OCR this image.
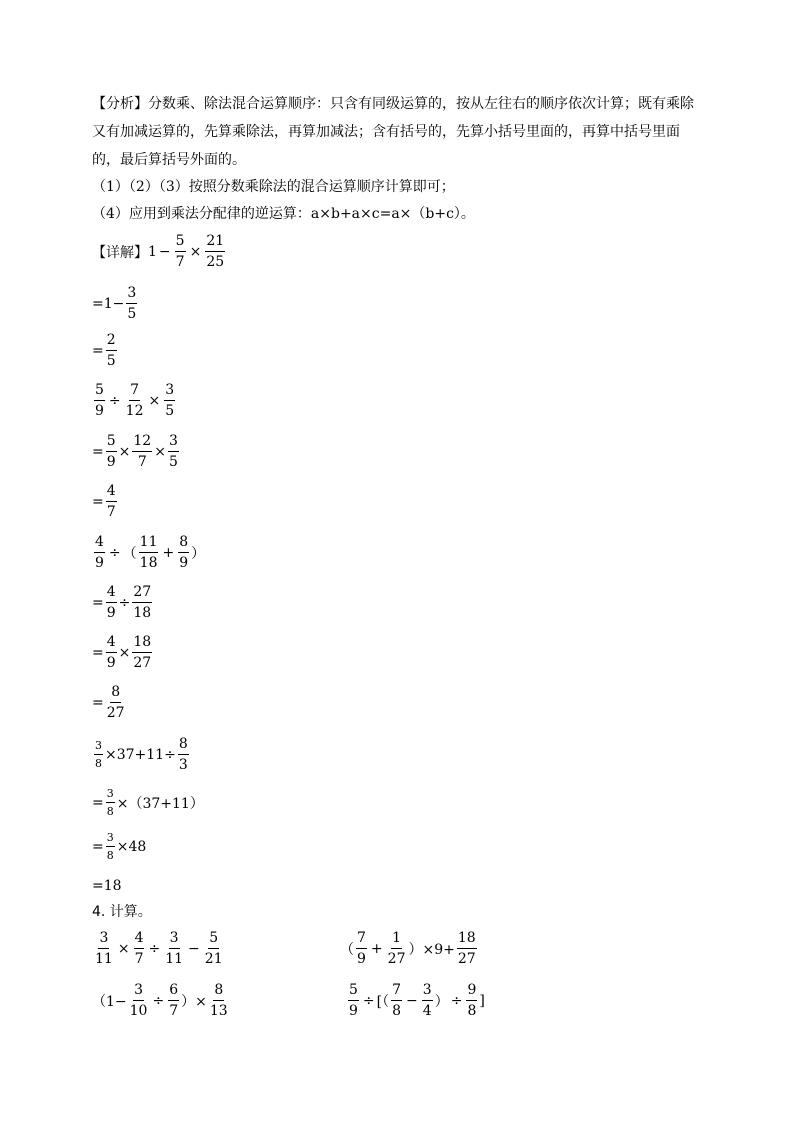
【分析】分数乘、除法混合运算顺序：只含有同级运算的，按从左往右的顺序依次计算；既有乘除
又有加减运算的，先算乘除法，再算加减法；含有括号的，先算小括号里面的，再算中括号里面
的，最后算括号外面的。
（1）（2）（3）按照分数乘除法的混合运算顺序计算即可；
（4）应用到乘法分配律的逆运算：a×b+a×c=a×（b+c）。
【详解】 $1 - \frac{5}{7} \times \frac{21}{25}$
$=1- \frac{3}{5}$
= $\frac{2}{5}$
$\frac{5}{9} \div \frac{7}{12} \times \frac{3}{5}$
= $\frac{5}{9} \times \frac{12}{7} \times \frac{3}{5}$
= $\frac{4}{7}$
$\frac{4}{9}$ ÷ （ $\frac{11}{18} + \frac{8}{9}$ ）
= $\frac{4}{9} \div \frac{27}{18}$
= $\frac{4}{9} \times \frac{18}{27}$
= $\frac{8}{27}$
$\frac{3}{8} \times 37+11\div \frac{8}{3}$
= $\frac{3}{8} \times(37+11)$
= $\frac{3}{8} \times 48$
=18
4. 计算。
$\frac{3}{11} \times \frac{4}{7} \div \frac{3}{11} - \frac{5}{21}$	（ $\frac{7}{9} + \frac{1}{27} )\times 9+ \frac{18}{27}$
（$1- \frac{3}{10} \div \frac{6}{7}$ ）× $\frac{8}{13}$	$\frac{5}{9}$ ÷ [（ $\frac{7}{8} - \frac{3}{4}$ ） ÷ $\frac{9}{8}$ ]
